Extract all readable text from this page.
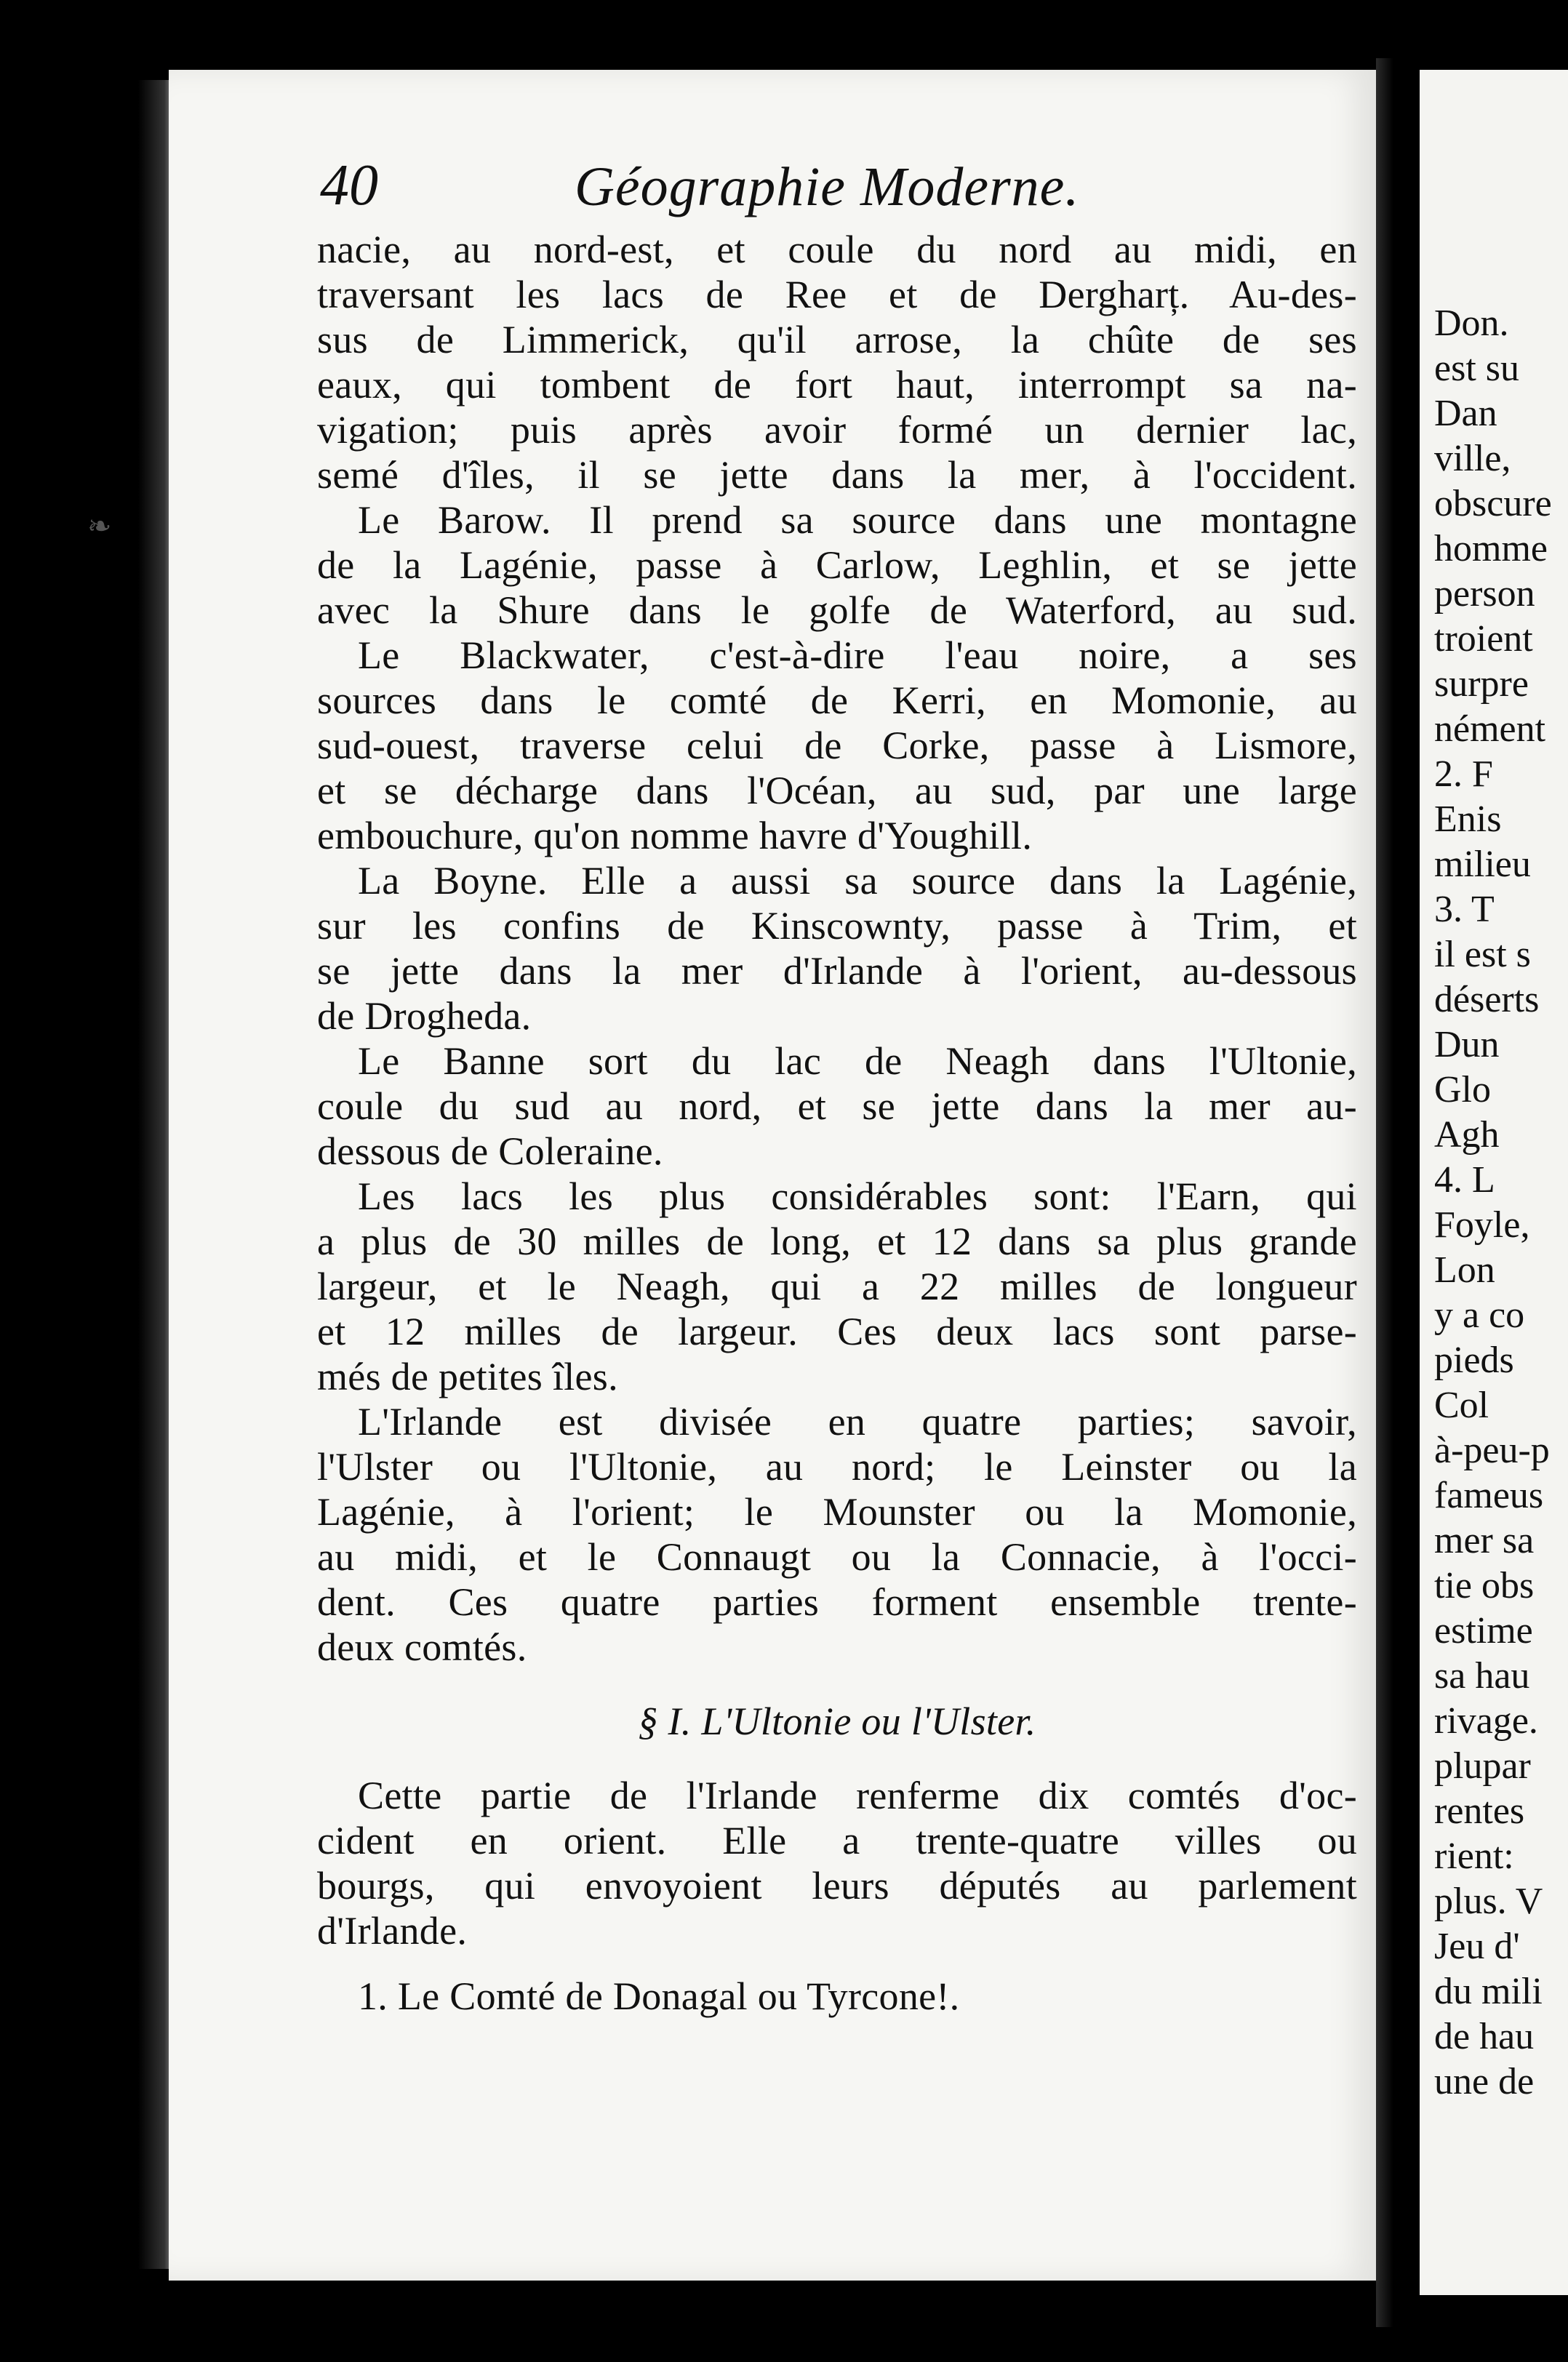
Don.
est su
Dan
ville,
obscure
homme
person
troient
surpre
nément
2. F
Enis
milieu
3. T
il est s
déserts
Dun
Glo
Agh
4. L
Foyle,
Lon
y a co
pieds
Col
à-peu-p
fameus
mer sa
tie obs
estime
sa hau
rivage.
plupar
rentes
rient:
plus. V
Jeu d'
du mili
de hau
une de
40	Géographie Moderne.
❧
nacie, au nord-est, et coule du nord au midi, en
traversant les lacs de Ree et de Dergharț. Au-des-
sus de Limmerick, qu'il arrose, la chûte de ses
eaux, qui tombent de fort haut, interrompt sa na-
vigation; puis après avoir formé un dernier lac,
semé d'îles, il se jette dans la mer, à l'occident.
Le Barow. Il prend sa source dans une montagne
de la Lagénie, passe à Carlow, Leghlin, et se jette
avec la Shure dans le golfe de Waterford, au sud.
Le Blackwater, c'est-à-dire l'eau noire, a ses
sources dans le comté de Kerri, en Momonie, au
sud-ouest, traverse celui de Corke, passe à Lismore,
et se décharge dans l'Océan, au sud, par une large
embouchure, qu'on nomme havre d'Youghill.
La Boyne. Elle a aussi sa source dans la Lagénie,
sur les confins de Kinscownty, passe à Trim, et
se jette dans la mer d'Irlande à l'orient, au-dessous
de Drogheda.
Le Banne sort du lac de Neagh dans l'Ultonie,
coule du sud au nord, et se jette dans la mer au-
dessous de Coleraine.
Les lacs les plus considérables sont: l'Earn, qui
a plus de 30 milles de long, et 12 dans sa plus grande
largeur, et le Neagh, qui a 22 milles de longueur
et 12 milles de largeur. Ces deux lacs sont parse-
més de petites îles.
L'Irlande est divisée en quatre parties; savoir,
l'Ulster ou l'Ultonie, au nord; le Leinster ou la
Lagénie, à l'orient; le Mounster ou la Momonie,
au midi, et le Connaugt ou la Connacie, à l'occi-
dent. Ces quatre parties forment ensemble trente-
deux comtés.
§ I. L'Ultonie ou l'Ulster.
Cette partie de l'Irlande renferme dix comtés d'oc-
cident en orient. Elle a trente-quatre villes ou
bourgs, qui envoyoient leurs députés au parlement
d'Irlande.
1. Le Comté de Donagal ou Tyrcone!.
